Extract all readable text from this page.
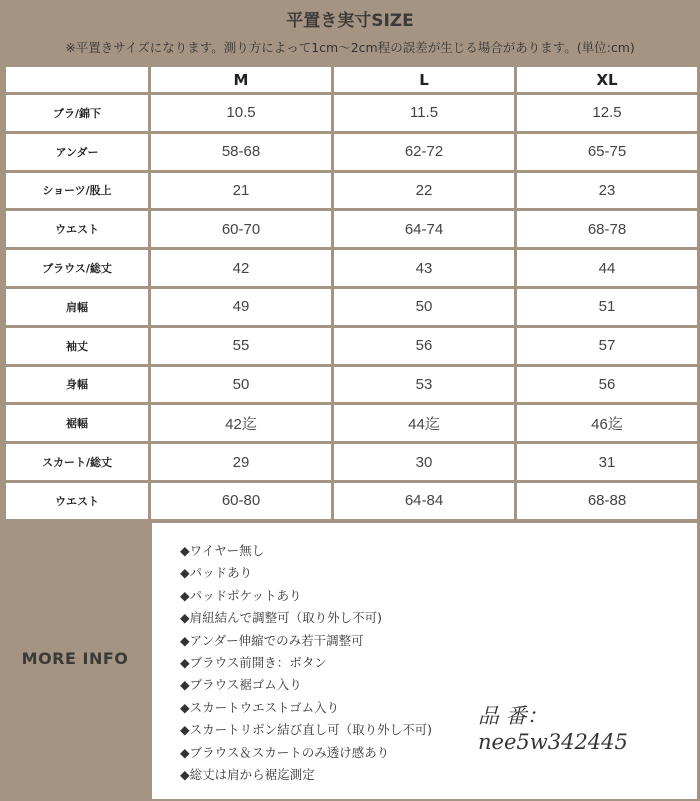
平置き実寸SIZE
※平置きサイズになります。測り方によって1cm〜2cm程の誤差が生じる場合があります。(単位:cm)
	M	L	XL
ブラ/錦下	10.5	11.5	12.5
アンダー	58-68	62-72	65-75
ショーツ/股上	21	22	23
ウエスト	60-70	64-74	68-78
ブラウス/総丈	42	43	44
肩幅	49	50	51
袖丈	55	56	57
身幅	50	53	56
裾幅	42迄	44迄	46迄
スカート/総丈	29	30	31
ウエスト	60-80	64-84	68-88
MORE INFO
◆ワイヤー無し
◆パッドあり
◆パッドポケットあり
◆肩紐結んで調整可（取り外し不可)
◆アンダー伸縮でのみ若干調整可
◆ブラウス前開き：ボタン
◆ブラウス裾ゴム入り
◆スカートウエストゴム入り
◆スカートリボン結び直し可（取り外し不可)
◆ブラウス＆スカートのみ透け感あり
◆総丈は肩から裾迄測定
品 番：
nee5w342445
